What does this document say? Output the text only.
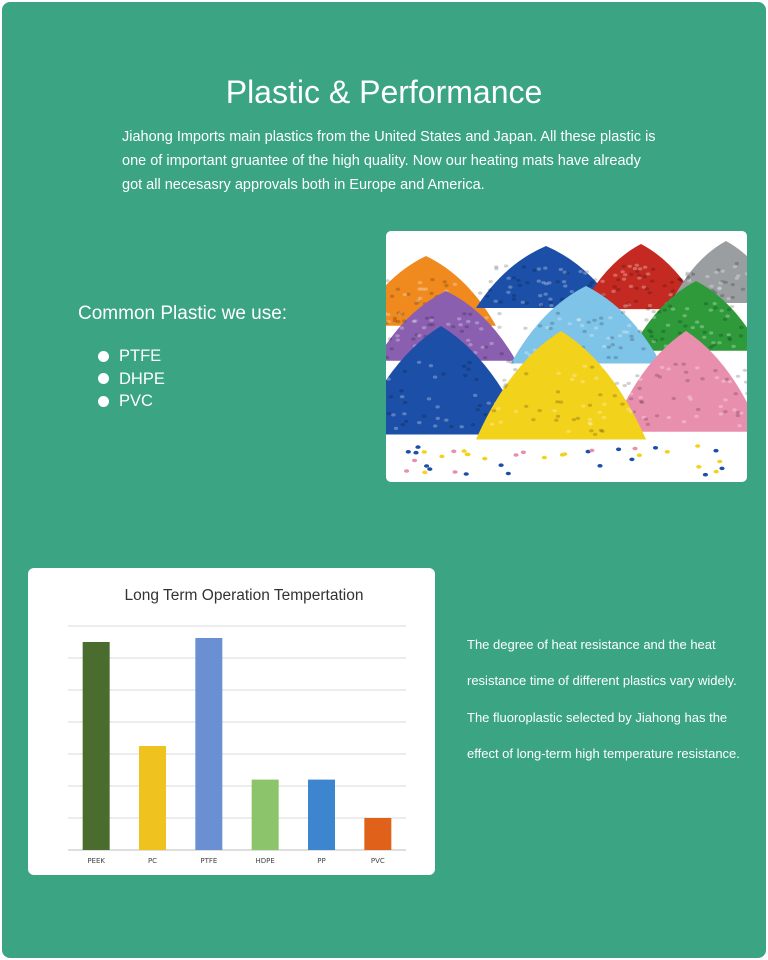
Plastic & Performance
Jiahong Imports main plastics from the United States and Japan. All these plastic is one of important gruantee of the high quality. Now our heating mats have already got all necesasry approvals both in Europe and America.
Common Plastic we use:
PTFE
DHPE
PVC
Long Term Operation Tempertation
PEEK	PC	PTFE	HDPE	PP	PVC

The degree of heat resistance and the heat resistance time of different plastics vary widely.

The fluoroplastic selected by Jiahong has the effect of long-term high temperature resistance.
